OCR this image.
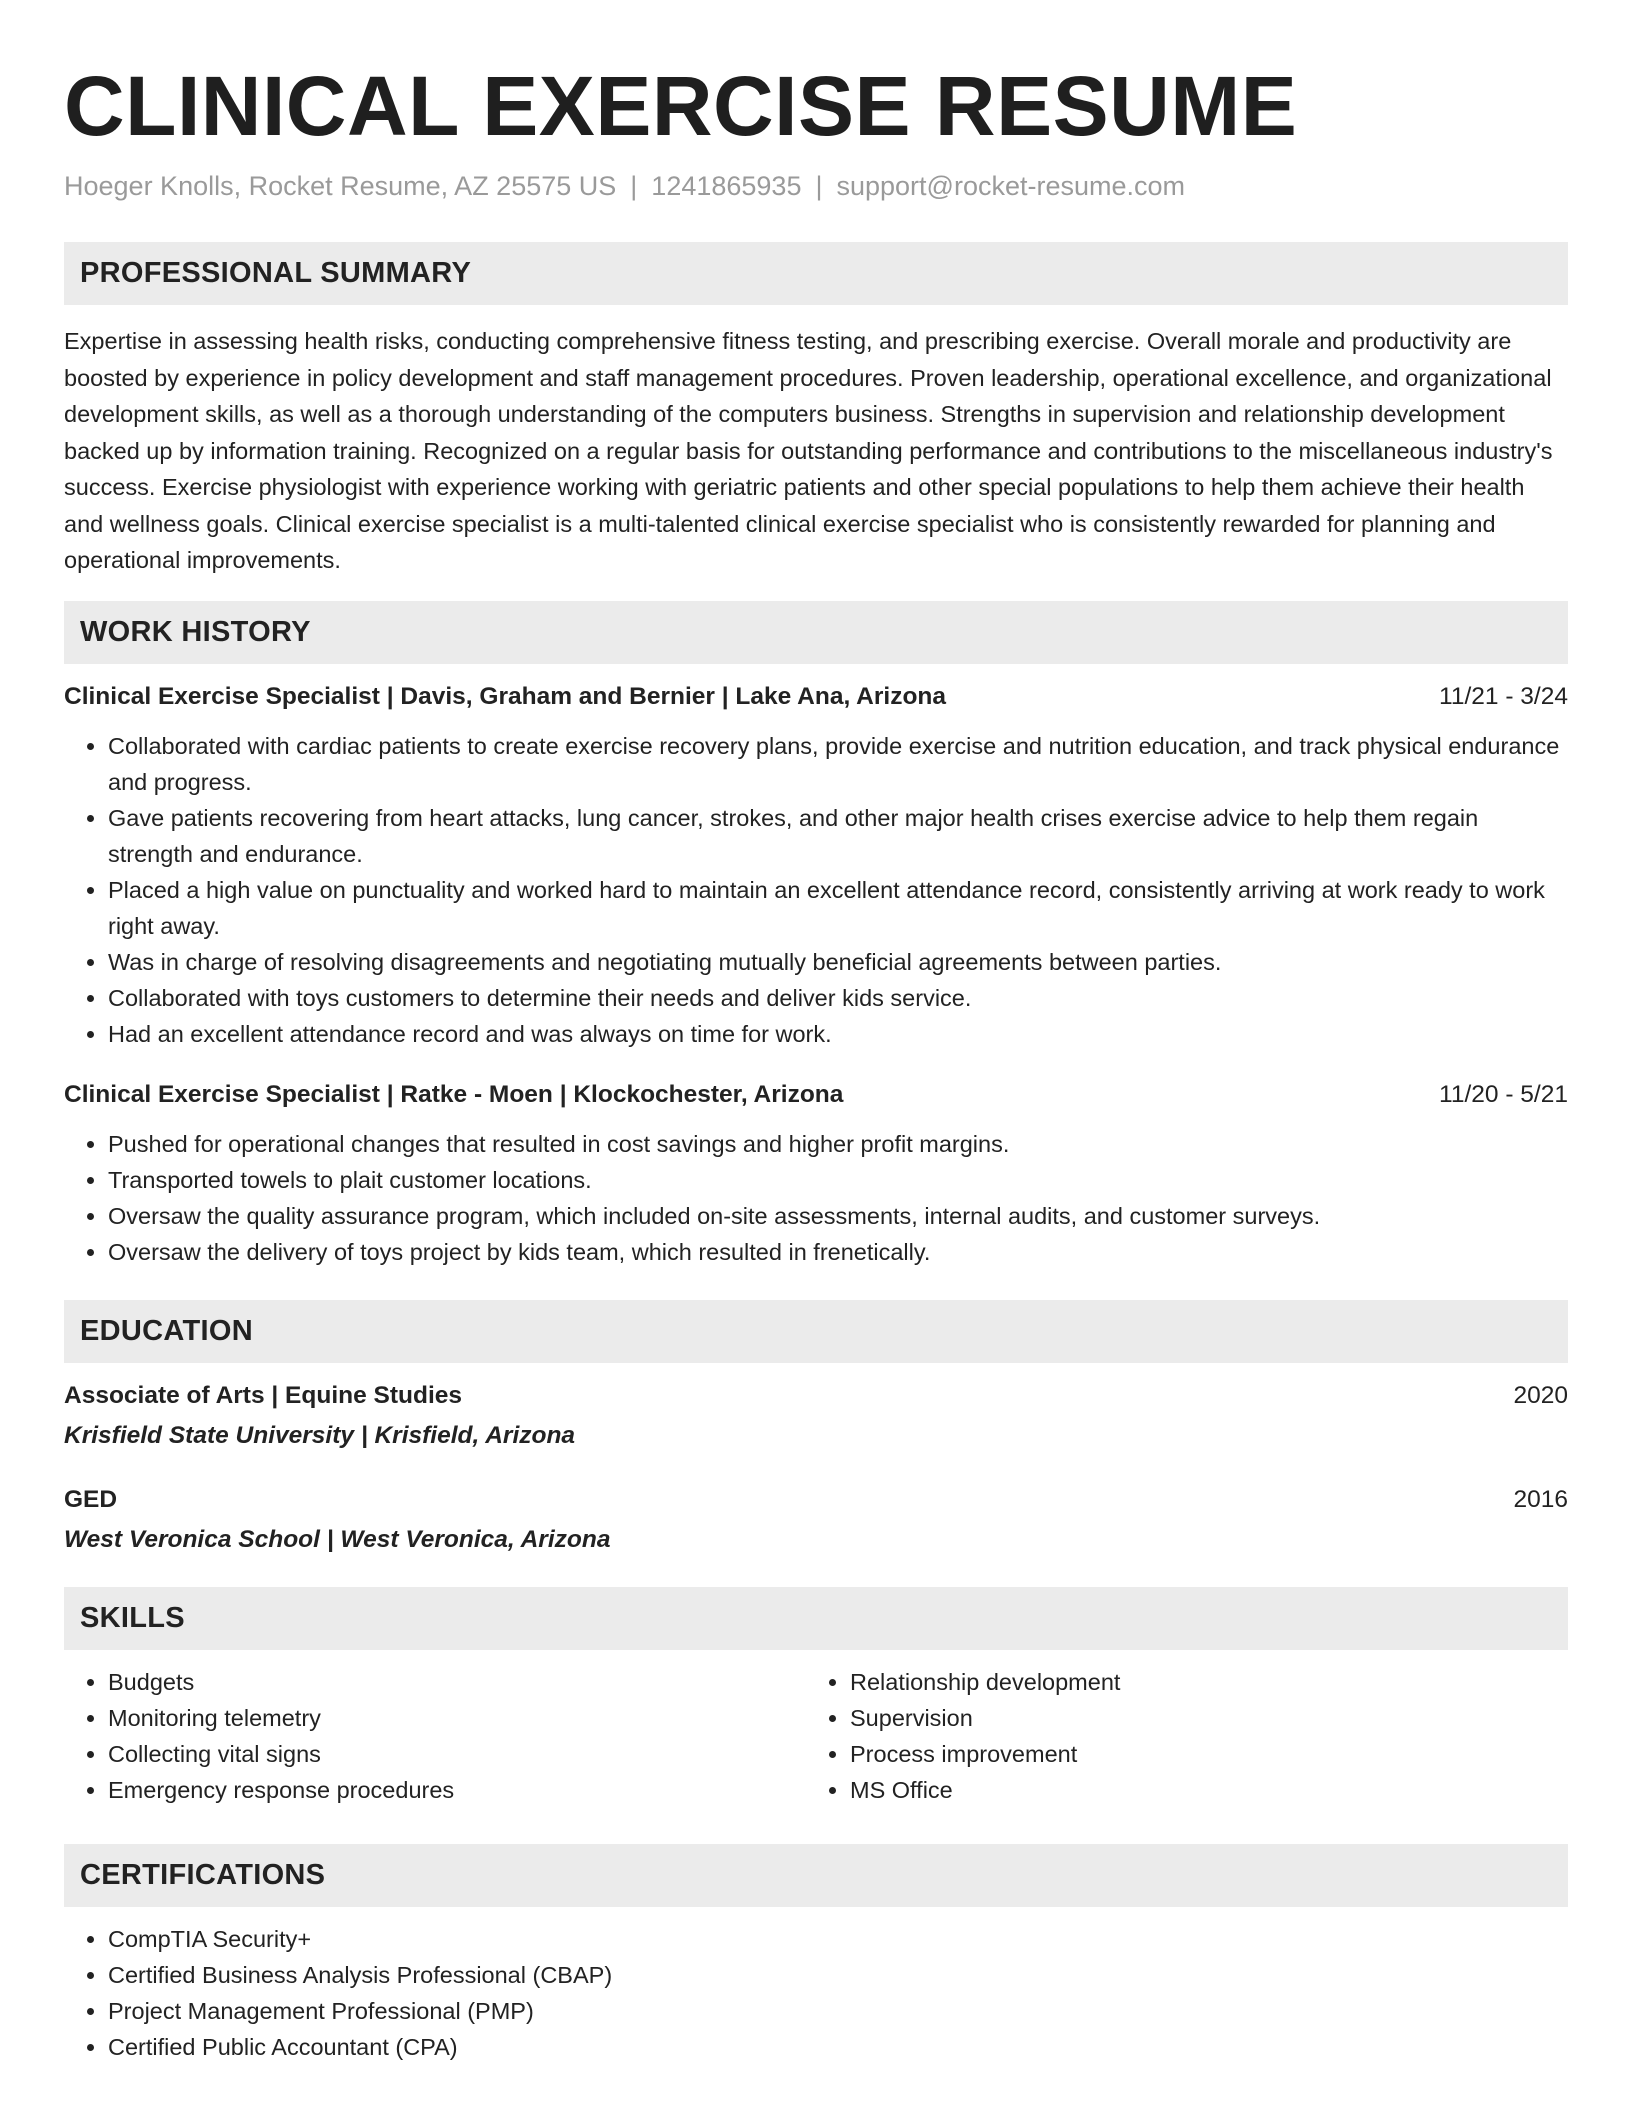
CLINICAL EXERCISE RESUME
Hoeger Knolls, Rocket Resume, AZ 25575 US | 1241865935 | support@rocket-resume.com
PROFESSIONAL SUMMARY

Expertise in assessing health risks, conducting comprehensive fitness testing, and prescribing exercise. Overall morale and productivity are boosted by experience in policy development and staff management procedures. Proven leadership, operational excellence, and organizational development skills, as well as a thorough understanding of the computers business. Strengths in supervision and relationship development backed up by information training. Recognized on a regular basis for outstanding performance and contributions to the miscellaneous industry's success. Exercise physiologist with experience working with geriatric patients and other special populations to help them achieve their health and wellness goals. Clinical exercise specialist is a multi-talented clinical exercise specialist who is consistently rewarded for planning and operational improvements.

WORK HISTORY
Clinical Exercise Specialist | Davis, Graham and Bernier | Lake Ana, Arizona	11/21 - 3/24
• Collaborated with cardiac patients to create exercise recovery plans, provide exercise and nutrition education, and track physical endurance and progress.
• Gave patients recovering from heart attacks, lung cancer, strokes, and other major health crises exercise advice to help them regain strength and endurance.
• Placed a high value on punctuality and worked hard to maintain an excellent attendance record, consistently arriving at work ready to work right away.
• Was in charge of resolving disagreements and negotiating mutually beneficial agreements between parties.
• Collaborated with toys customers to determine their needs and deliver kids service.
• Had an excellent attendance record and was always on time for work.
Clinical Exercise Specialist | Ratke - Moen | Klockochester, Arizona	11/20 - 5/21
• Pushed for operational changes that resulted in cost savings and higher profit margins.
• Transported towels to plait customer locations.
• Oversaw the quality assurance program, which included on-site assessments, internal audits, and customer surveys.
• Oversaw the delivery of toys project by kids team, which resulted in frenetically.
EDUCATION
Associate of Arts | Equine Studies	2020
Krisfield State University | Krisfield, Arizona
GED	2016
West Veronica School | West Veronica, Arizona
SKILLS
• Budgets
• Monitoring telemetry
• Collecting vital signs
• Emergency response procedures
• Relationship development
• Supervision
• Process improvement
• MS Office
CERTIFICATIONS
• CompTIA Security+
• Certified Business Analysis Professional (CBAP)
• Project Management Professional (PMP)
• Certified Public Accountant (CPA)
